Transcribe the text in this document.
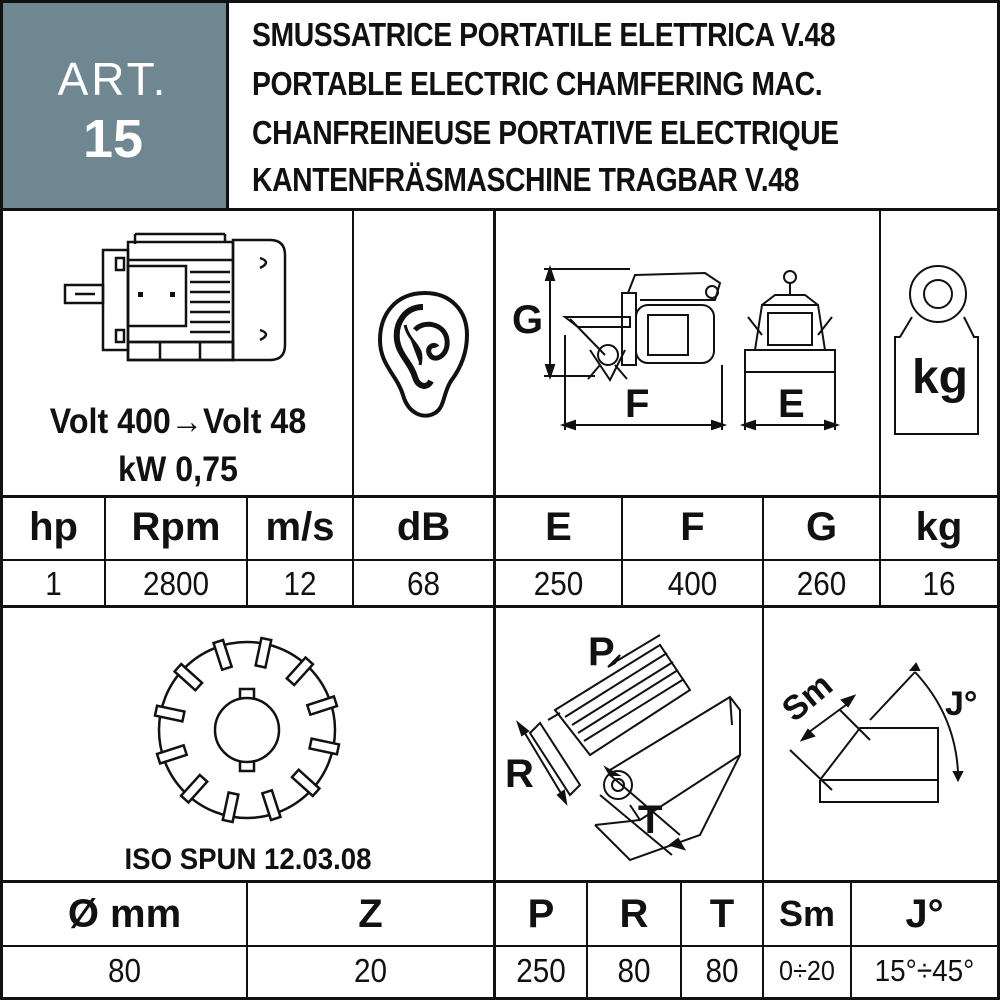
ART.
15
SMUSSATRICE PORTATILE ELETTRICA V.48
PORTABLE ELECTRIC CHAMFERING MAC.
CHANFREINEUSE PORTATIVE ELECTRIQUE
KANTENFRÄSMASCHINE TRAGBAR V.48
Volt 400→Volt 48
kW 0,75
G
F	E	kg
hp	Rpm	m/s	dB	E	F	G	kg
1	2800	12	68	250	400	260	16
ISO SPUN 12.03.08
P
R
T
Sm	J°
Ø mm	Z	P	R	T	Sm	J°
80	20	250	80	80	0÷20	15°÷45°
